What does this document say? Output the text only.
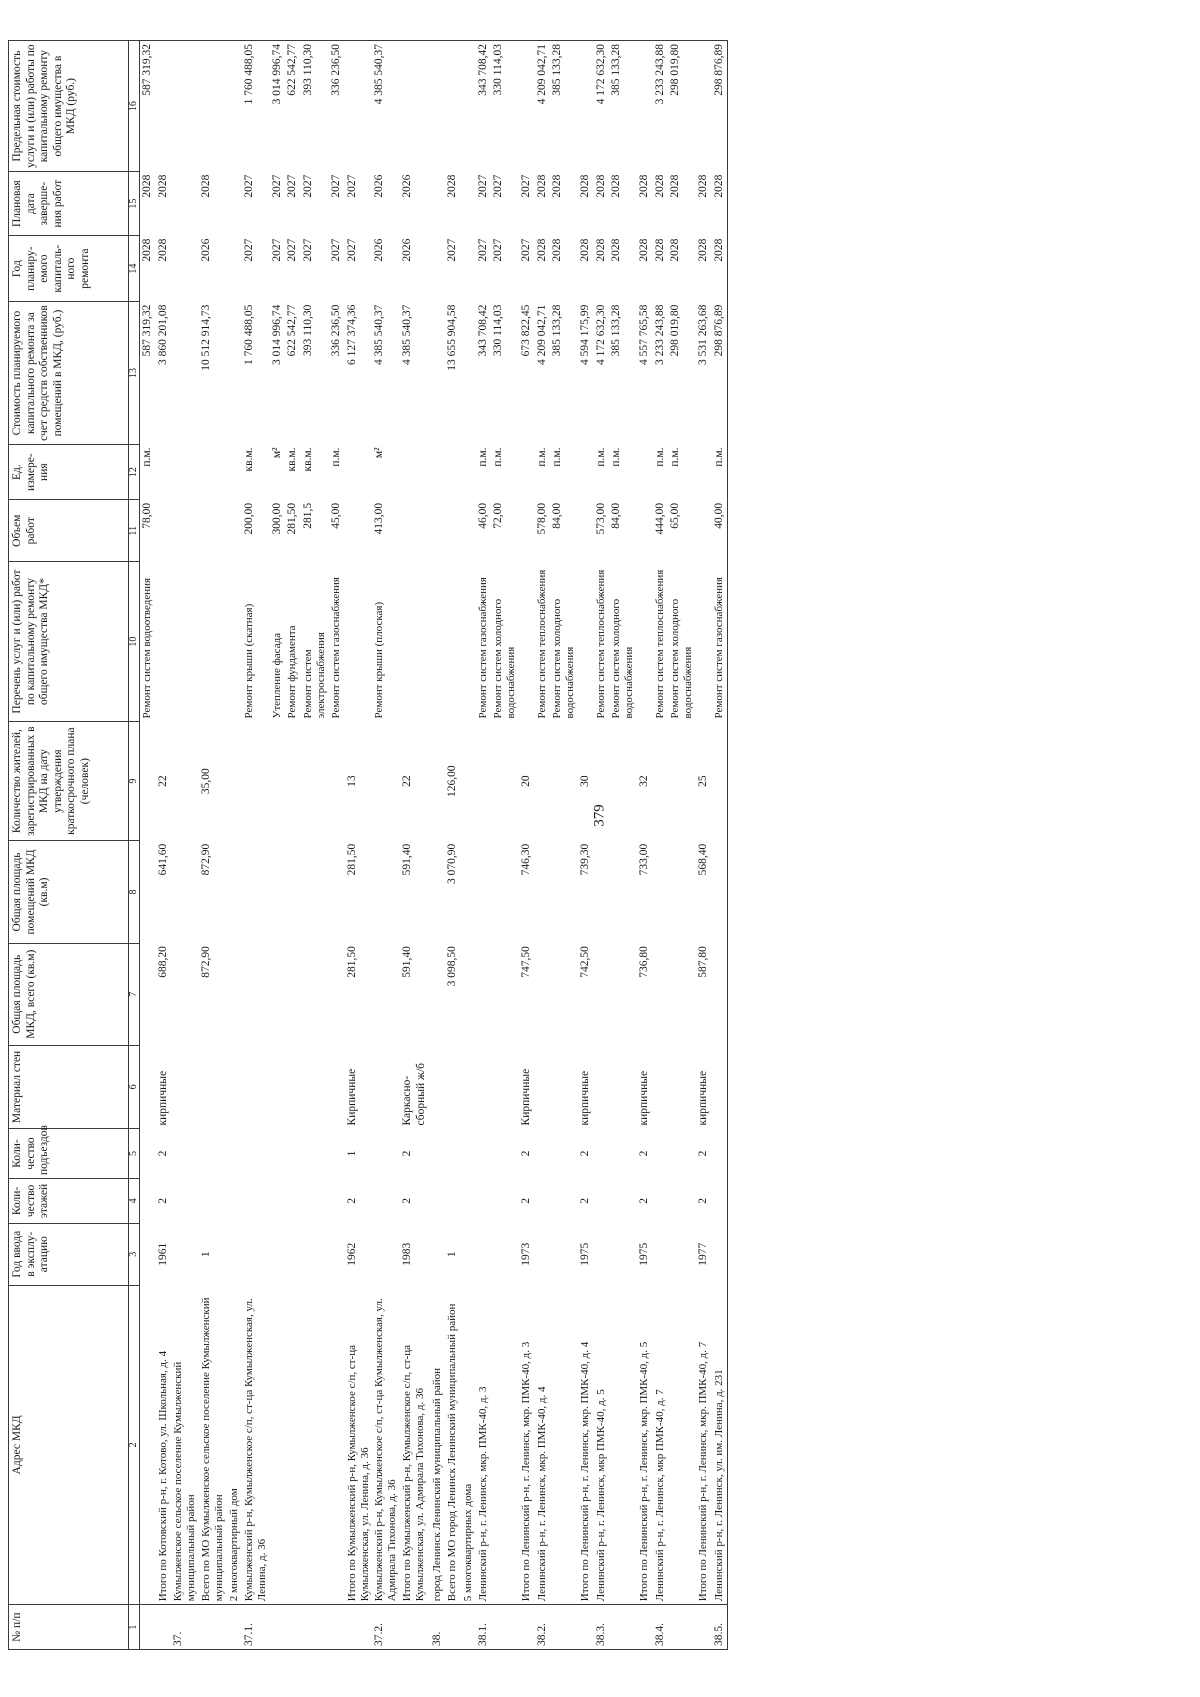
379
№ п/п	Адрес МКД	Год ввода в эксплу-атацию	Коли-чество этажей	Коли-чество подъездов	Материал стен	Общая площадь МКД, всего (кв.м)	Общая площадь помещений МКД (кв.м)	Количество жителей, зарегистрированных в МКД на дату утверждения краткосрочного плана (человек)	Перечень услуг и (или) работ по капитальному ремонту общего имущества МКД*	Объем работ	Ед. измере-ния	Стоимость планируемого капитального ремонта за счет средств собственников помещений в МКД, (руб.)	Год планиру-емого капиталь-ного ремонта	Плановая дата заверше-ния работ	Предельная стоимость услуги и (или) работы по капитальному ремонту общего имущества в МКД (руб.)
1	2	3	4	5	6	7	8	9	10	11	12	13	14	15	16
									Ремонт систем водоотведения	78,00	п.м.	587 319,32	2028	2028	587 319,32
	Итого по Котовский р-н, г. Котово, ул. Школьная, д. 4	1961	2	2	кирпичные	688,20	641,60	22				3 860 201,08	2028	2028	
37.	Кумылженское сельское поселение Кумылженский муниципальный район														
	Всего по МО Кумылженское сельское поселение Кумылженский муниципальный район	1				872,90	872,90	35,00				10 512 914,73	2026	2028	
	2 многоквартирный дом														
37.1.	Кумылженский р-н, Кумылженское с/п, ст-ца Кумылженская, ул. Ленина, д. 36								Ремонт крыши (скатная)	200,00	кв.м.	1 760 488,05	2027	2027	1 760 488,05
									Утепление фасада	300,00	м²	3 014 996,74	2027	2027	3 014 996,74
									Ремонт фундамента	281,50	кв.м.	622 542,77	2027	2027	622 542,77
									Ремонт систем электроснабжения	281,5	кв.м.	393 110,30	2027	2027	393 110,30
									Ремонт систем газоснабжения	45,00	п.м.	336 236,50	2027	2027	336 236,50
	Итого по Кумылженский р-н, Кумылженское с/п, ст-ца Кумылженская, ул. Ленина, д. 36	1962	2	1	Кирпичные	281,50	281,50	13				6 127 374,36	2027	2027	
37.2.	Кумылженский р-н, Кумылженское с/п, ст-ца Кумылженская, ул. Адмирала Тихонова, д. 36								Ремонт крыши (плоская)	413,00	м²	4 385 540,37	2026	2026	4 385 540,37
	Итого по Кумылженский р-н, Кумылженское с/п, ст-ца Кумылженская, ул. Адмирала Тихонова, д. 36	1983	2	2	Каркасно-сборный ж/б	591,40	591,40	22				4 385 540,37	2026	2026	
38.	город Ленинск Ленинский муниципальный район														
	Всего по МО город Ленинск Ленинский муниципальный район	1				3 098,50	3 070,90	126,00				13 655 904,58	2027	2028	
	5 многоквартирных дома														
38.1.	Ленинский р-н, г. Ленинск, мкр. ПМК-40, д. 3								Ремонт систем газоснабжения	46,00	п.м.	343 708,42	2027	2027	343 708,42
									Ремонт систем холодного водоснабжения	72,00	п.м.	330 114,03	2027	2027	330 114,03
	Итого по Ленинский р-н, г. Ленинск, мкр. ПМК-40, д. 3	1973	2	2	Кирпичные	747,50	746,30	20				673 822,45	2027	2027	
38.2.	Ленинский р-н, г. Ленинск, мкр. ПМК-40, д. 4								Ремонт систем теплоснабжения	578,00	п.м.	4 209 042,71	2028	2028	4 209 042,71
									Ремонт систем холодного водоснабжения	84,00	п.м.	385 133,28	2028	2028	385 133,28
	Итого по Ленинский р-н, г. Ленинск, мкр. ПМК-40, д. 4	1975	2	2	кирпичные	742,50	739,30	30				4 594 175,99	2028	2028	
38.3.	Ленинский р-н, г. Ленинск, мкр ПМК-40, д. 5								Ремонт систем теплоснабжения	573,00	п.м.	4 172 632,30	2028	2028	4 172 632,30
									Ремонт систем холодного водоснабжения	84,00	п.м.	385 133,28	2028	2028	385 133,28
	Итого по Ленинский р-н, г. Ленинск, мкр. ПМК-40, д. 5	1975	2	2	кирпичные	736,80	733,00	32				4 557 765,58	2028	2028	
38.4.	Ленинский р-н, г. Ленинск, мкр ПМК-40, д. 7								Ремонт систем теплоснабжения	444,00	п.м.	3 233 243,88	2028	2028	3 233 243,88
									Ремонт систем холодного водоснабжения	65,00	п.м.	298 019,80	2028	2028	298 019,80
	Итого по Ленинский р-н, г. Ленинск, мкр. ПМК-40, д. 7	1977	2	2	кирпичные	587,80	568,40	25				3 531 263,68	2028	2028	
38.5.	Ленинский р-н, г. Ленинск, ул. им. Ленина, д. 231								Ремонт систем газоснабжения	40,00	п.м.	298 876,89	2028	2028	298 876,89
